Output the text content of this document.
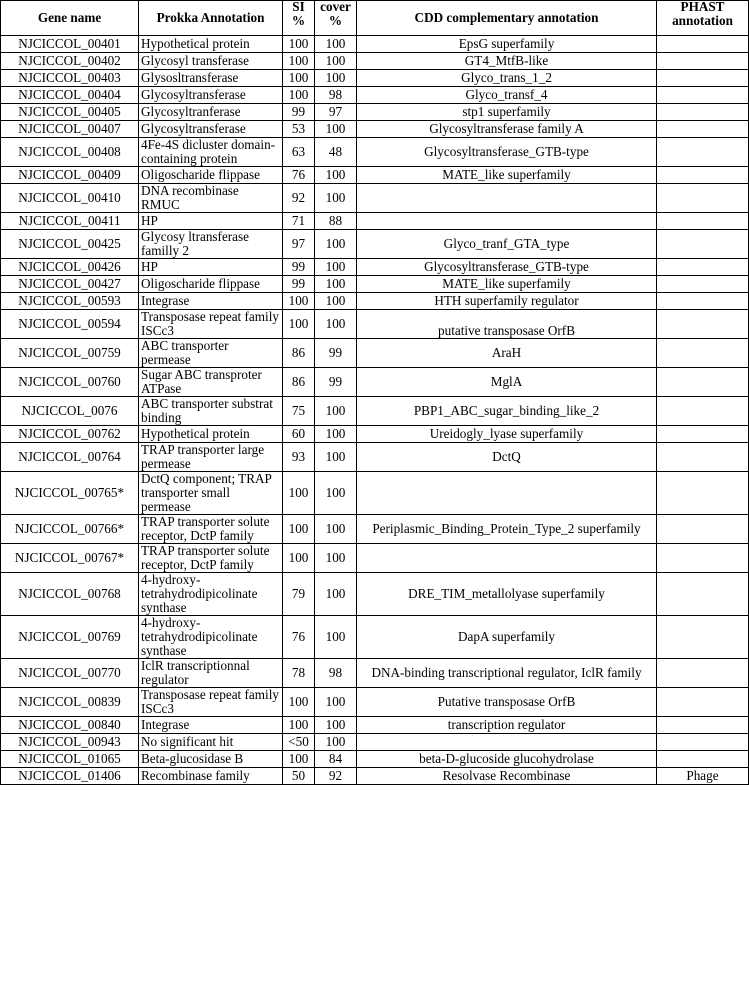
Gene name	Prokka Annotation	SI %	cover %	CDD complementary annotation	PHAST annotation

NJCICCOL_00401	Hypothetical protein	100	100	EpsG superfamily	
NJCICCOL_00402	Glycosyl transferase	100	100	GT4_MtfB-like	
NJCICCOL_00403	Glysosltransferase	100	100	Glyco_trans_1_2	
NJCICCOL_00404	Glycosyltransferase	100	98	Glyco_transf_4	
NJCICCOL_00405	Glycosyltranferase	99	97	stp1 superfamily	
NJCICCOL_00407	Glycosyltransferase	53	100	Glycosyltransferase family A	
NJCICCOL_00408	4Fe-4S dicluster domain-containing protein	63	48	Glycosyltransferase_GTB-type	
NJCICCOL_00409	Oligoscharide flippase	76	100	MATE_like superfamily	
NJCICCOL_00410	DNA recombinase RMUC	92	100		
NJCICCOL_00411	HP	71	88		
NJCICCOL_00425	Glycosy ltransferase familly 2	97	100	Glyco_tranf_GTA_type	
NJCICCOL_00426	HP	99	100	Glycosyltransferase_GTB-type	
NJCICCOL_00427	Oligoscharide flippase	99	100	MATE_like superfamily	
NJCICCOL_00593	Integrase	100	100	HTH superfamily regulator	
NJCICCOL_00594	Transposase repeat family ISCc3	100	100	putative transposase OrfB	
NJCICCOL_00759	ABC transporter permease	86	99	AraH	
NJCICCOL_00760	Sugar ABC transproter ATPase	86	99	MglA	
NJCICCOL_0076	ABC transporter substrat binding	75	100	PBP1_ABC_sugar_binding_like_2	
NJCICCOL_00762	Hypothetical protein	60	100	Ureidogly_lyase superfamily	
NJCICCOL_00764	TRAP transporter large permease	93	100	DctQ	
NJCICCOL_00765*	DctQ component; TRAP transporter small permease	100	100		
NJCICCOL_00766*	TRAP transporter solute receptor, DctP family	100	100	Periplasmic_Binding_Protein_Type_2 superfamily	
NJCICCOL_00767*	TRAP transporter solute receptor, DctP family	100	100		
NJCICCOL_00768	4-hydroxy-tetrahydrodipicolinate synthase	79	100	DRE_TIM_metallolyase superfamily	
NJCICCOL_00769	4-hydroxy-tetrahydrodipicolinate synthase	76	100	DapA superfamily	
NJCICCOL_00770	IclR transcriptionnal regulator	78	98	DNA-binding transcriptional regulator, IclR family	
NJCICCOL_00839	Transposase repeat family ISCc3	100	100	Putative transposase OrfB	
NJCICCOL_00840	Integrase	100	100	transcription regulator	
NJCICCOL_00943	No significant hit	<50	100		
NJCICCOL_01065	Beta-glucosidase B	100	84	beta-D-glucoside glucohydrolase	
NJCICCOL_01406	Recombinase family	50	92	Resolvase Recombinase	Phage
